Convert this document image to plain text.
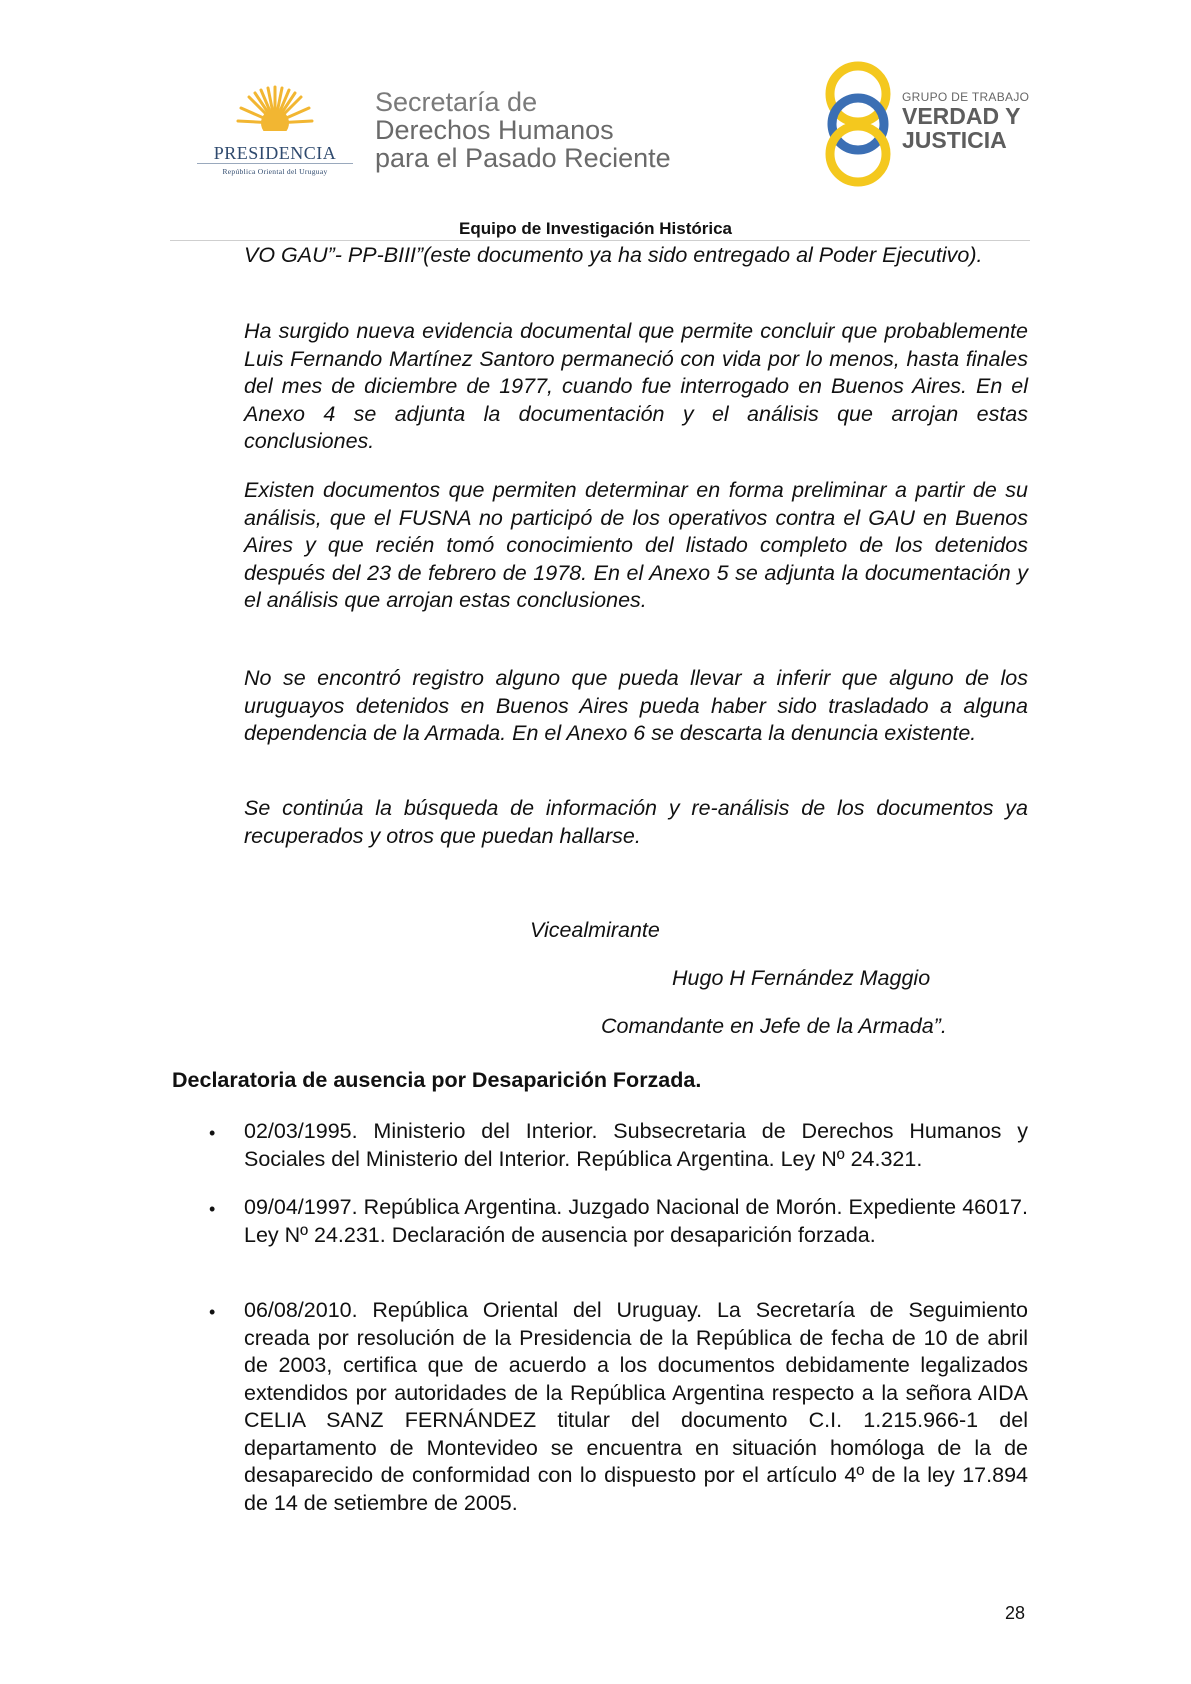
PRESIDENCIA
República Oriental del Uruguay
Secretaría de
Derechos Humanos
para el Pasado Reciente
GRUPO DE TRABAJO
VERDAD Y
JUSTICIA
Equipo de Investigación Histórica

VO GAU”- PP-BIII”(este documento ya ha sido entregado al Poder Ejecutivo).

Ha surgido nueva evidencia documental que permite concluir que probablemente Luis Fernando Martínez Santoro permaneció con vida por lo menos, hasta finales del mes de diciembre de 1977, cuando fue interrogado en Buenos Aires. En el Anexo 4 se adjunta la documentación y el análisis que arrojan estas conclusiones.

Existen documentos que permiten determinar en forma preliminar a partir de su análisis, que el FUSNA no participó de los operativos contra el GAU en Buenos Aires y que recién tomó conocimiento del listado completo de los detenidos después del 23 de febrero de 1978. En el Anexo 5 se adjunta la documentación y el análisis que arrojan estas conclusiones.

No se encontró registro alguno que pueda llevar a inferir que alguno de los uruguayos detenidos en Buenos Aires pueda haber sido trasladado a alguna dependencia de la Armada. En el Anexo 6 se descarta la denuncia existente.

Se continúa la búsqueda de información y re-análisis de los documentos ya recuperados y otros que puedan hallarse.

Vicealmirante
Hugo H Fernández Maggio
Comandante en Jefe de la Armada”.
Declaratoria de ausencia por Desaparición Forzada.
• 02/03/1995. Ministerio del Interior. Subsecretaria de Derechos Humanos y Sociales del Ministerio del Interior. República Argentina. Ley Nº 24.321.

• 09/04/1997. República Argentina. Juzgado Nacional de Morón. Expediente 46017. Ley Nº 24.231. Declaración de ausencia por desaparición forzada.

• 06/08/2010. República Oriental del Uruguay. La Secretaría de Seguimiento creada por resolución de la Presidencia de la República de fecha de 10 de abril de 2003, certifica que de acuerdo a los documentos debidamente legalizados extendidos por autoridades de la República Argentina respecto a la señora AIDA CELIA SANZ FERNÁNDEZ titular del documento C.I. 1.215.966-1 del departamento de Montevideo se encuentra en situación homóloga de la de desaparecido de conformidad con lo dispuesto por el artículo 4º de la ley 17.894 de 14 de setiembre de 2005.

28
